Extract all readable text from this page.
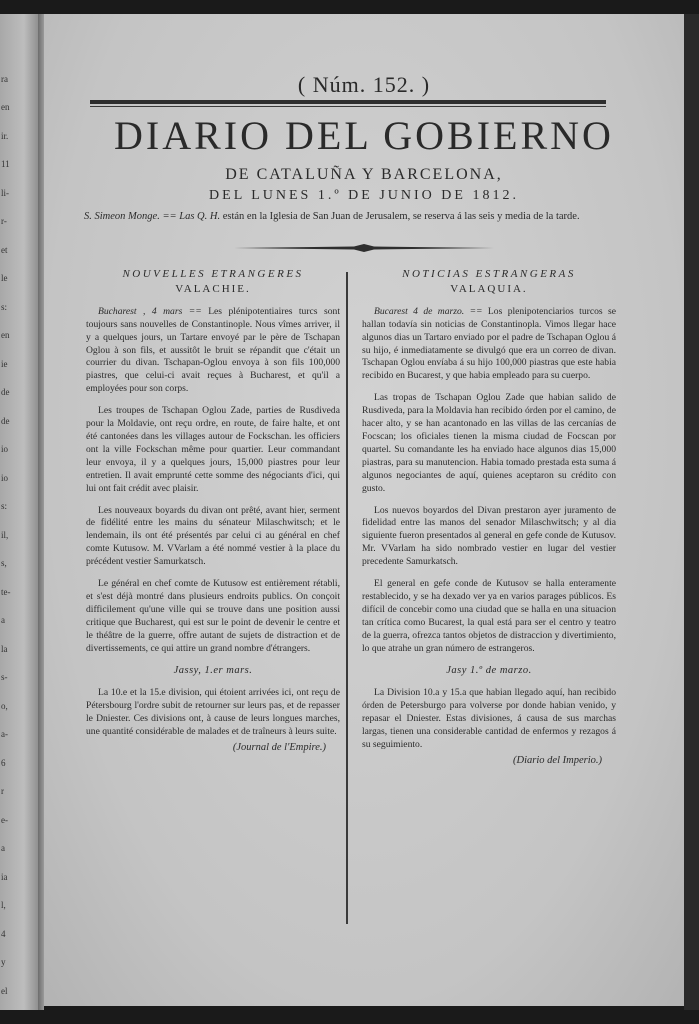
ra
en
ir.
11
li-
r-
et
le
s:
en
ie
de
de
io
io
s:
il,
s,
te-
a
la
s-
o,
a-
6
r
e-
a
ia
l,
4
y
el
( Núm. 152. )
DIARIO DEL GOBIERNO
DE CATALUÑA Y BARCELONA,
DEL LUNES 1.º DE JUNIO DE 1812.
S. Simeon Monge. == Las Q. H. están en la Iglesia de San Juan de Jerusalem, se reserva á las seis y media de la tarde.
NOUVELLES ETRANGERES
VALACHIE.

Bucharest , 4 mars == Les plénipotentiaires turcs sont toujours sans nouvelles de Constantinople. Nous vîmes arriver, il y a quelques jours, un Tartare envoyé par le père de Tschapan Oglou à son fils, et aussitôt le bruit se répandit que c'était un courrier du divan. Tschapan-Oglou envoya à son fils 100,000 piastres, que celui-ci avait reçues à Bucharest, et qu'il a employées pour son corps.

Les troupes de Tschapan Oglou Zade, parties de Rusdiveda pour la Moldavie, ont reçu ordre, en route, de faire halte, et ont été cantonées dans les villages autour de Fockschan. les officiers ont la ville Fockschan même pour quartier. Leur commandant leur envoya, il y a quelques jours, 15,000 piastres pour leur entretien. Il avait emprunté cette somme des négociants d'ici, qui lui ont fait crédit avec plaisir.

Les nouveaux boyards du divan ont prêté, avant hier, serment de fidélité entre les mains du sénateur Milaschwitsch; et le lendemain, ils ont été présentés par celui ci au général en chef comte Kutusow. M. VVarlam a été nommé vestier à la place du précédent vestier Samurkatsch.

Le général en chef comte de Kutusow est entièrement rétabli, et s'est déjà montré dans plusieurs endroits publics. On conçoit difficilement qu'une ville qui se trouve dans une position aussi critique que Bucharest, qui est sur le point de devenir le centre et le théâtre de la guerre, offre autant de sujets de distraction et de divertissements, ce qui attire un grand nombre d'étrangers.

Jassy, 1.er mars.

La 10.e et la 15.e division, qui étoient arrivées ici, ont reçu de Pétersbourg l'ordre subit de retourner sur leurs pas, et de repasser le Dniester. Ces divisions ont, à cause de leurs longues marches, une quantité considérable de malades et de traîneurs à leurs suite.

(Journal de l'Empire.)
NOTICIAS ESTRANGERAS
VALAQUIA.

Bucarest 4 de marzo. == Los plenipotenciarios turcos se hallan todavía sin noticias de Constantinopla. Vimos llegar hace algunos dias un Tartaro enviado por el padre de Tschapan Oglou á su hijo, é inmediatamente se divulgó que era un correo de divan. Tschapan Oglou envíaba á su hijo 100,000 piastras que este habia recibido en Bucarest, y que habia empleado para su cuerpo.

Las tropas de Tschapan Oglou Zade que habian salido de Rusdiveda, para la Moldavia han recibido órden por el camino, de hacer alto, y se han acantonado en las villas de las cercanías de Focscan; los oficiales tienen la misma ciudad de Focscan por quartel. Su comandante les ha enviado hace algunos dias 15,000 piastras, para su manutencion. Habia tomado prestada esta suma á algunos negociantes de aquí, quienes aceptaron su crédito con gusto.

Los nuevos boyardos del Divan prestaron ayer juramento de fidelidad entre las manos del senador Milaschwitsch; y al dia siguiente fueron presentados al general en gefe conde de Kutusov. Mr. VVarlam ha sido nombrado vestier en lugar del vestier precedente Samurkatsch.

El general en gefe conde de Kutusov se halla enteramente restablecido, y se ha dexado ver ya en varios parages públicos. Es difícil de concebir como una ciudad que se halla en una situacion tan crítica como Bucarest, la qual está para ser el centro y teatro de la guerra, ofrezca tantos objetos de distraccion y divertimiento, lo que atrahe un gran número de estrangeros.

Jasy 1.º de marzo.

La Division 10.a y 15.a que habian llegado aquí, han recibido órden de Petersburgo para volverse por donde habian venido, y repasar el Dniester. Estas divisiones, á causa de sus marchas largas, tienen una considerable cantidad de enfermos y rezagos á su seguimiento.

(Diario del Imperio.)
